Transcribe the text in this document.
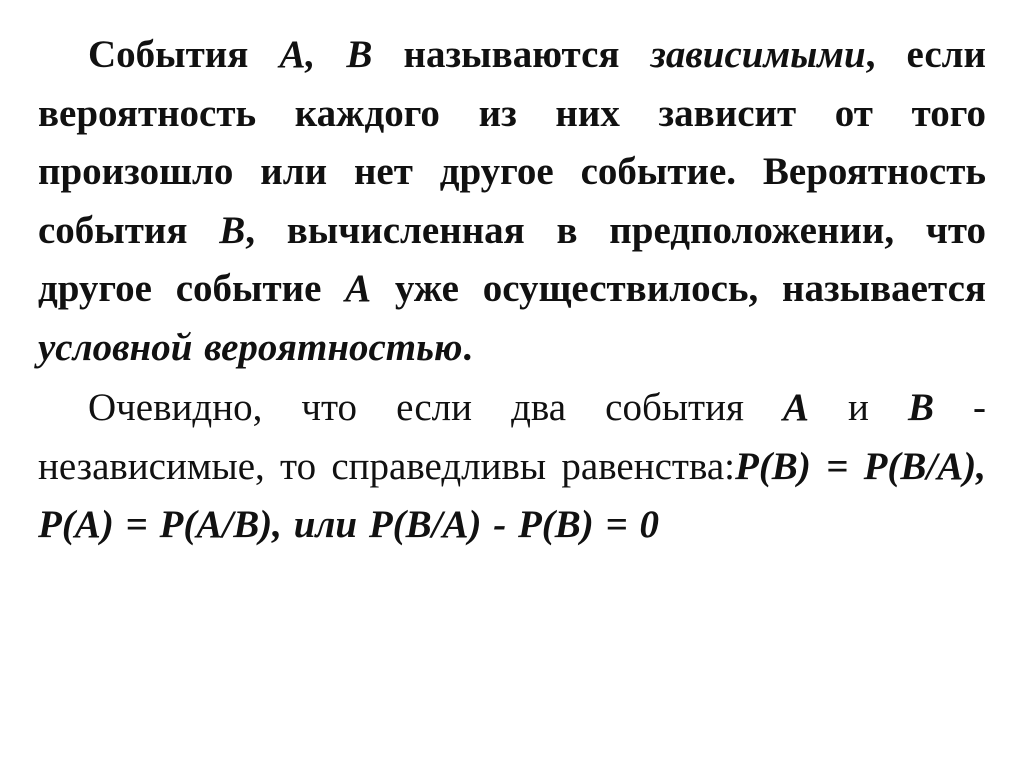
События А, В называются зависимыми, если вероятность каждого из них зависит от того произошло или нет другое событие. Вероятность события В, вычисленная в предположении, что другое событие А уже осуществилось, называется условной вероятностью.

Очевидно, что если два события А и В - независимые, то справедливы равенства:Р(В) = Р(В/А), Р(А) = Р(А/В), или Р(В/А) - Р(В) = 0
